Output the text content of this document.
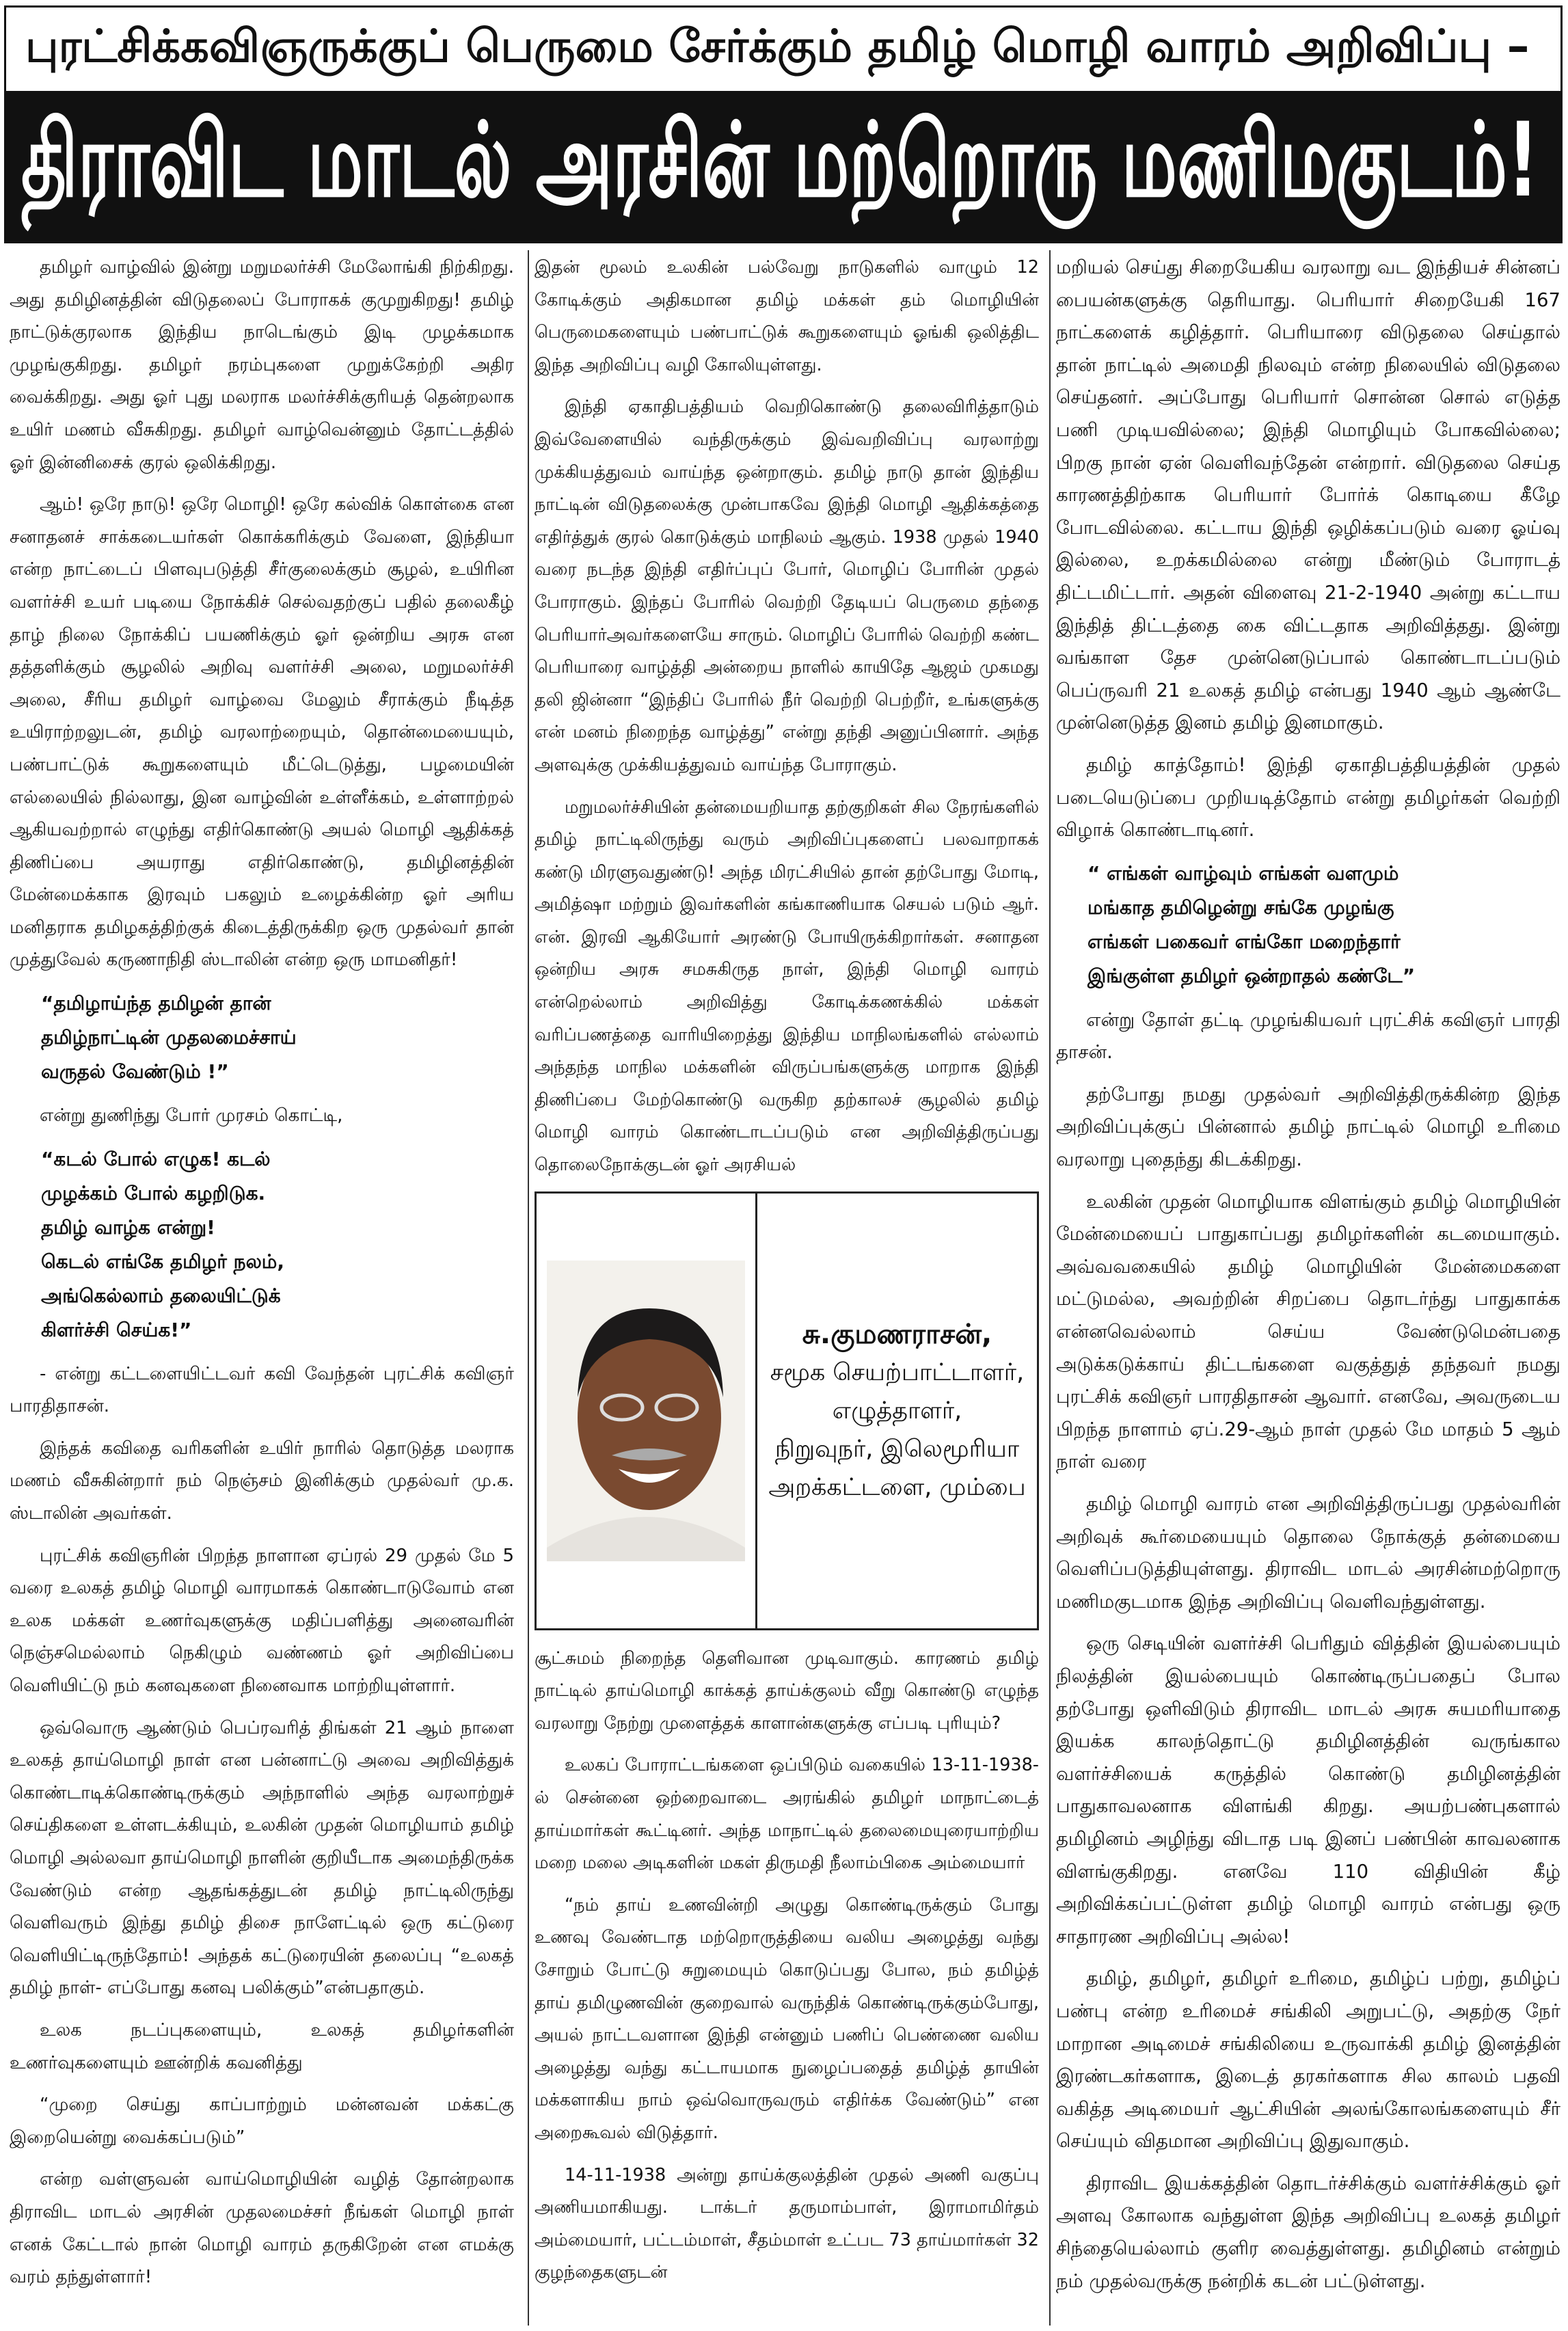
புரட்சிக்கவிஞருக்குப் பெருமை சேர்க்கும் தமிழ் மொழி வாரம் அறிவிப்பு –
திராவிட மாடல் அரசின் மற்றொரு மணிமகுடம்!

தமிழர் வாழ்வில் இன்று மறுமலர்ச்சி மேலோங்கி நிற்கிறது. அது தமிழினத்தின் விடுதலைப் போராகக் குமுறுகிறது! தமிழ் நாட்டுக்குரலாக இந்திய நாடெங்கும் இடி முழக்கமாக முழங்குகிறது. தமிழர் நரம்புகளை முறுக்கேற்றி அதிர வைக்கிறது. அது ஓர் புது மலராக மலர்ச்சிக்குரியத் தென்றலாக உயிர் மணம் வீசுகிறது. தமிழர் வாழ்வென்னும் தோட்டத்தில் ஓர் இன்னிசைக் குரல் ஒலிக்கிறது.

ஆம்! ஒரே நாடு! ஒரே மொழி! ஒரே கல்விக் கொள்கை என சனாதனச் சாக்கடையர்கள் கொக்கரிக்கும் வேளை, இந்தியா என்ற நாட்டைப் பிளவுபடுத்தி சீர்குலைக்கும் சூழல், உயிரின வளர்ச்சி உயர் படியை நோக்கிச் செல்வதற்குப் பதில் தலைகீழ் தாழ் நிலை நோக்கிப் பயணிக்கும் ஓர் ஒன்றிய அரசு என தத்தளிக்கும் சூழலில் அறிவு வளர்ச்சி அலை, மறுமலர்ச்சி அலை, சீரிய தமிழர் வாழ்வை மேலும் சீராக்கும் நீடித்த உயிராற்றலுடன், தமிழ் வரலாற்றையும், தொன்மையையும், பண்பாட்டுக் கூறுகளையும் மீட்டெடுத்து, பழமையின் எல்லையில் நில்லாது, இன வாழ்வின் உள்ளீக்கம், உள்ளாற்றல் ஆகியவற்றால் எழுந்து எதிர்கொண்டு அயல் மொழி ஆதிக்கத் திணிப்பை அயராது எதிர்கொண்டு, தமிழினத்தின் மேன்மைக்காக இரவும் பகலும் உழைக்கின்ற ஓர் அரிய மனிதராக தமிழகத்திற்குக் கிடைத்திருக்கிற ஒரு முதல்வர் தான் முத்துவேல் கருணாநிதி ஸ்டாலின் என்ற ஒரு மாமனிதர்!

“தமிழாய்ந்த தமிழன் தான்
தமிழ்நாட்டின் முதலமைச்சாய்
வருதல் வேண்டும் !”

என்று துணிந்து போர் முரசம் கொட்டி,

“கடல் போல் எழுக! கடல்
முழக்கம் போல் கழறிடுக.
தமிழ் வாழ்க என்று!
கெடல் எங்கே தமிழர் நலம்,
அங்கெல்லாம் தலையிட்டுக்
கிளர்ச்சி செய்க!”

- என்று கட்டளையிட்டவர் கவி வேந்தன் புரட்சிக் கவிஞர் பாரதிதாசன்.

இந்தக் கவிதை வரிகளின் உயிர் நாரில் தொடுத்த மலராக மணம் வீசுகின்றார் நம் நெஞ்சம் இனிக்கும் முதல்வர் மு.க. ஸ்டாலின் அவர்கள்.

புரட்சிக் கவிஞரின் பிறந்த நாளான ஏப்ரல் 29 முதல் மே 5 வரை உலகத் தமிழ் மொழி வாரமாகக் கொண்டாடுவோம் என உலக மக்கள் உணர்வுகளுக்கு மதிப்பளித்து அனைவரின் நெஞ்சமெல்லாம் நெகிழும் வண்ணம் ஓர் அறிவிப்பை வெளியிட்டு நம் கனவுகளை நினைவாக மாற்றியுள்ளார்.

ஒவ்வொரு ஆண்டும் பெப்ரவரித் திங்கள் 21 ஆம் நாளை உலகத் தாய்மொழி நாள் என பன்னாட்டு அவை அறிவித்துக் கொண்டாடிக்கொண்டிருக்கும் அந்நாளில் அந்த வரலாற்றுச் செய்திகளை உள்ளடக்கியும், உலகின் முதன் மொழியாம் தமிழ் மொழி அல்லவா தாய்மொழி நாளின் குறியீடாக அமைந்திருக்க வேண்டும் என்ற ஆதங்கத்துடன் தமிழ் நாட்டிலிருந்து வெளிவரும் இந்து தமிழ் திசை நாளேட்டில் ஒரு கட்டுரை வெளியிட்டிருந்தோம்! அந்தக் கட்டுரையின் தலைப்பு “உலகத் தமிழ் நாள்- எப்போது கனவு பலிக்கும்”என்பதாகும்.

உலக நடப்புகளையும், உலகத் தமிழர்களின் உணர்வுகளையும் ஊன்றிக் கவனித்து

“முறை செய்து காப்பாற்றும் மன்னவன் மக்கட்கு இறையென்று வைக்கப்படும்”

என்ற வள்ளுவன் வாய்மொழியின் வழித் தோன்றலாக திராவிட மாடல் அரசின் முதலமைச்சர் நீங்கள் மொழி நாள் எனக் கேட்டால் நான் மொழி வாரம் தருகிறேன் என எமக்கு வரம் தந்துள்ளார்!

இதன் மூலம் உலகின் பல்வேறு நாடுகளில் வாழும் 12 கோடிக்கும் அதிகமான தமிழ் மக்கள் தம் மொழியின் பெருமைகளையும் பண்பாட்டுக் கூறுகளையும் ஓங்கி ஒலித்திட இந்த அறிவிப்பு வழி கோலியுள்ளது.

இந்தி ஏகாதிபத்தியம் வெறிகொண்டு தலைவிரித்தாடும் இவ்வேளையில் வந்திருக்கும் இவ்வறிவிப்பு வரலாற்று முக்கியத்துவம் வாய்ந்த ஒன்றாகும். தமிழ் நாடு தான் இந்திய நாட்டின் விடுதலைக்கு முன்பாகவே இந்தி மொழி ஆதிக்கத்தை எதிர்த்துக் குரல் கொடுக்கும் மாநிலம் ஆகும். 1938 முதல் 1940 வரை நடந்த இந்தி எதிர்ப்புப் போர், மொழிப் போரின் முதல் போராகும். இந்தப் போரில் வெற்றி தேடியப் பெருமை தந்தை பெரியார்அவர்களையே சாரும். மொழிப் போரில் வெற்றி கண்ட பெரியாரை வாழ்த்தி அன்றைய நாளில் காயிதே ஆஜம் முகமது தலி ஜின்னா “இந்திப் போரில் நீர் வெற்றி பெற்றீர், உங்களுக்கு என் மனம் நிறைந்த வாழ்த்து” என்று தந்தி அனுப்பினார். அந்த அளவுக்கு முக்கியத்துவம் வாய்ந்த போராகும்.

மறுமலர்ச்சியின் தன்மையறியாத தற்குறிகள் சில நேரங்களில் தமிழ் நாட்டிலிருந்து வரும் அறிவிப்புகளைப் பலவாறாகக் கண்டு மிரளுவதுண்டு! அந்த மிரட்சியில் தான் தற்போது மோடி, அமித்ஷா மற்றும் இவர்களின் கங்காணியாக செயல் படும் ஆர். என். இரவி ஆகியோர் அரண்டு போயிருக்கிறார்கள். சனாதன ஒன்றிய அரசு சமசுகிருத நாள், இந்தி மொழி வாரம் என்றெல்லாம் அறிவித்து கோடிக்கணக்கில் மக்கள் வரிப்பணத்தை வாரியிறைத்து இந்திய மாநிலங்களில் எல்லாம் அந்தந்த மாநில மக்களின் விருப்பங்களுக்கு மாறாக இந்தி திணிப்பை மேற்கொண்டு வருகிற தற்காலச் சூழலில் தமிழ் மொழி வாரம் கொண்டாடப்படும் என அறிவித்திருப்பது தொலைநோக்குடன் ஓர் அரசியல்

சு.குமணராசன்,
சமூக செயற்பாட்டாளர்,
எழுத்தாளர்,
நிறுவுநர், இலெமூரியா
அறக்கட்டளை, மும்பை

சூட்சுமம் நிறைந்த தெளிவான முடிவாகும். காரணம் தமிழ் நாட்டில் தாய்மொழி காக்கத் தாய்க்குலம் வீறு கொண்டு எழுந்த வரலாறு நேற்று முளைத்தக் காளான்களுக்கு எப்படி புரியும்?

உலகப் போராட்டங்களை ஒப்பிடும் வகையில் 13-11-1938-ல் சென்னை ஒற்றைவாடை அரங்கில் தமிழர் மாநாட்டைத் தாய்மார்கள் கூட்டினர். அந்த மாநாட்டில் தலைமையுரையாற்றிய மறை மலை அடிகளின் மகள் திருமதி நீலாம்பிகை அம்மையார்

“நம் தாய் உணவின்றி அழுது கொண்டிருக்கும் போது உணவு வேண்டாத மற்றொருத்தியை வலிய அழைத்து வந்து சோறும் போட்டு சுறுமையும் கொடுப்பது போல, நம் தமிழ்த் தாய் தமிழுணவின் குறைவால் வருந்திக் கொண்டிருக்கும்போது, அயல் நாட்டவளான இந்தி என்னும் பணிப் பெண்ணை வலிய அழைத்து வந்து கட்டாயமாக நுழைப்பதைத் தமிழ்த் தாயின் மக்களாகிய நாம் ஒவ்வொருவரும் எதிர்க்க வேண்டும்” என அறைகூவல் விடுத்தார்.

14-11-1938 அன்று தாய்க்குலத்தின் முதல் அணி வகுப்பு அணியமாகியது. டாக்டர் தருமாம்பாள், இராமாமிர்தம் அம்மையார், பட்டம்மாள், சீதம்மாள் உட்பட 73 தாய்மார்கள் 32 குழந்தைகளுடன்

மறியல் செய்து சிறையேகிய வரலாறு வட இந்தியச் சின்னப் பையன்களுக்கு தெரியாது. பெரியார் சிறையேகி 167 நாட்களைக் கழித்தார். பெரியாரை விடுதலை செய்தால் தான் நாட்டில் அமைதி நிலவும் என்ற நிலையில் விடுதலை செய்தனர். அப்போது பெரியார் சொன்ன சொல் எடுத்த பணி முடியவில்லை; இந்தி மொழியும் போகவில்லை; பிறகு நான் ஏன் வெளிவந்தேன் என்றார். விடுதலை செய்த காரணத்திற்காக பெரியார் போர்க் கொடியை கீழே போடவில்லை. கட்டாய இந்தி ஒழிக்கப்படும் வரை ஓய்வு இல்லை, உறக்கமில்லை என்று மீண்டும் போராடத் திட்டமிட்டார். அதன் விளைவு 21-2-1940 அன்று கட்டாய இந்தித் திட்டத்தை கை விட்டதாக அறிவித்தது. இன்று வங்காள தேச முன்னெடுப்பால் கொண்டாடப்படும் பெப்ருவரி 21 உலகத் தமிழ் என்பது 1940 ஆம் ஆண்டே முன்னெடுத்த இனம் தமிழ் இனமாகும்.

தமிழ் காத்தோம்! இந்தி ஏகாதிபத்தியத்தின் முதல் படையெடுப்பை முறியடித்தோம் என்று தமிழர்கள் வெற்றி விழாக் கொண்டாடினர்.

“ எங்கள் வாழ்வும் எங்கள் வளமும்
மங்காத தமிழென்று சங்கே முழங்கு
எங்கள் பகைவர் எங்கோ மறைந்தார்
இங்குள்ள தமிழர் ஒன்றாதல் கண்டே”

என்று தோள் தட்டி முழங்கியவர் புரட்சிக் கவிஞர் பாரதி தாசன்.

தற்போது நமது முதல்வர் அறிவித்திருக்கின்ற இந்த அறிவிப்புக்குப் பின்னால் தமிழ் நாட்டில் மொழி உரிமை வரலாறு புதைந்து கிடக்கிறது.

உலகின் முதன் மொழியாக விளங்கும் தமிழ் மொழியின் மேன்மையைப் பாதுகாப்பது தமிழர்களின் கடமையாகும். அவ்வவகையில் தமிழ் மொழியின் மேன்மைகளை மட்டுமல்ல, அவற்றின் சிறப்பை தொடர்ந்து பாதுகாக்க என்னவெல்லாம் செய்ய வேண்டுமென்பதை அடுக்கடுக்காய் திட்டங்களை வகுத்துத் தந்தவர் நமது புரட்சிக் கவிஞர் பாரதிதாசன் ஆவார். எனவே, அவருடைய பிறந்த நாளாம் ஏப்.29-ஆம் நாள் முதல் மே மாதம் 5 ஆம் நாள் வரை

தமிழ் மொழி வாரம் என அறிவித்திருப்பது முதல்வரின் அறிவுக் கூர்மையையும் தொலை நோக்குத் தன்மையை வெளிப்படுத்தியுள்ளது. திராவிட மாடல் அரசின்மற்றொரு மணிமகுடமாக இந்த அறிவிப்பு வெளிவந்துள்ளது.

ஒரு செடியின் வளர்ச்சி பெரிதும் வித்தின் இயல்பையும் நிலத்தின் இயல்பையும் கொண்டிருப்பதைப் போல தற்போது ஒளிவிடும் திராவிட மாடல் அரசு சுயமரியாதை இயக்க காலந்தொட்டு தமிழினத்தின் வருங்கால வளர்ச்சியைக் கருத்தில் கொண்டு தமிழினத்தின் பாதுகாவலனாக விளங்கி கிறது. அயற்பண்புகளால் தமிழினம் அழிந்து விடாத படி இனப் பண்பின் காவலனாக விளங்குகிறது. எனவே 110 விதியின் கீழ் அறிவிக்கப்பட்டுள்ள தமிழ் மொழி வாரம் என்பது ஒரு சாதாரண அறிவிப்பு அல்ல!

தமிழ், தமிழர், தமிழர் உரிமை, தமிழ்ப் பற்று, தமிழ்ப் பண்பு என்ற உரிமைச் சங்கிலி அறுபட்டு, அதற்கு நேர் மாறான அடிமைச் சங்கிலியை உருவாக்கி தமிழ் இனத்தின் இரண்டகர்களாக, இடைத் தரகர்களாக சில காலம் பதவி வகித்த அடிமையர் ஆட்சியின் அலங்கோலங்களையும் சீர் செய்யும் விதமான அறிவிப்பு இதுவாகும்.

திராவிட இயக்கத்தின் தொடர்ச்சிக்கும் வளர்ச்சிக்கும் ஓர் அளவு கோலாக வந்துள்ள இந்த அறிவிப்பு உலகத் தமிழர் சிந்தையெல்லாம் குளிர வைத்துள்ளது. தமிழினம் என்றும் நம் முதல்வருக்கு நன்றிக் கடன் பட்டுள்ளது.
